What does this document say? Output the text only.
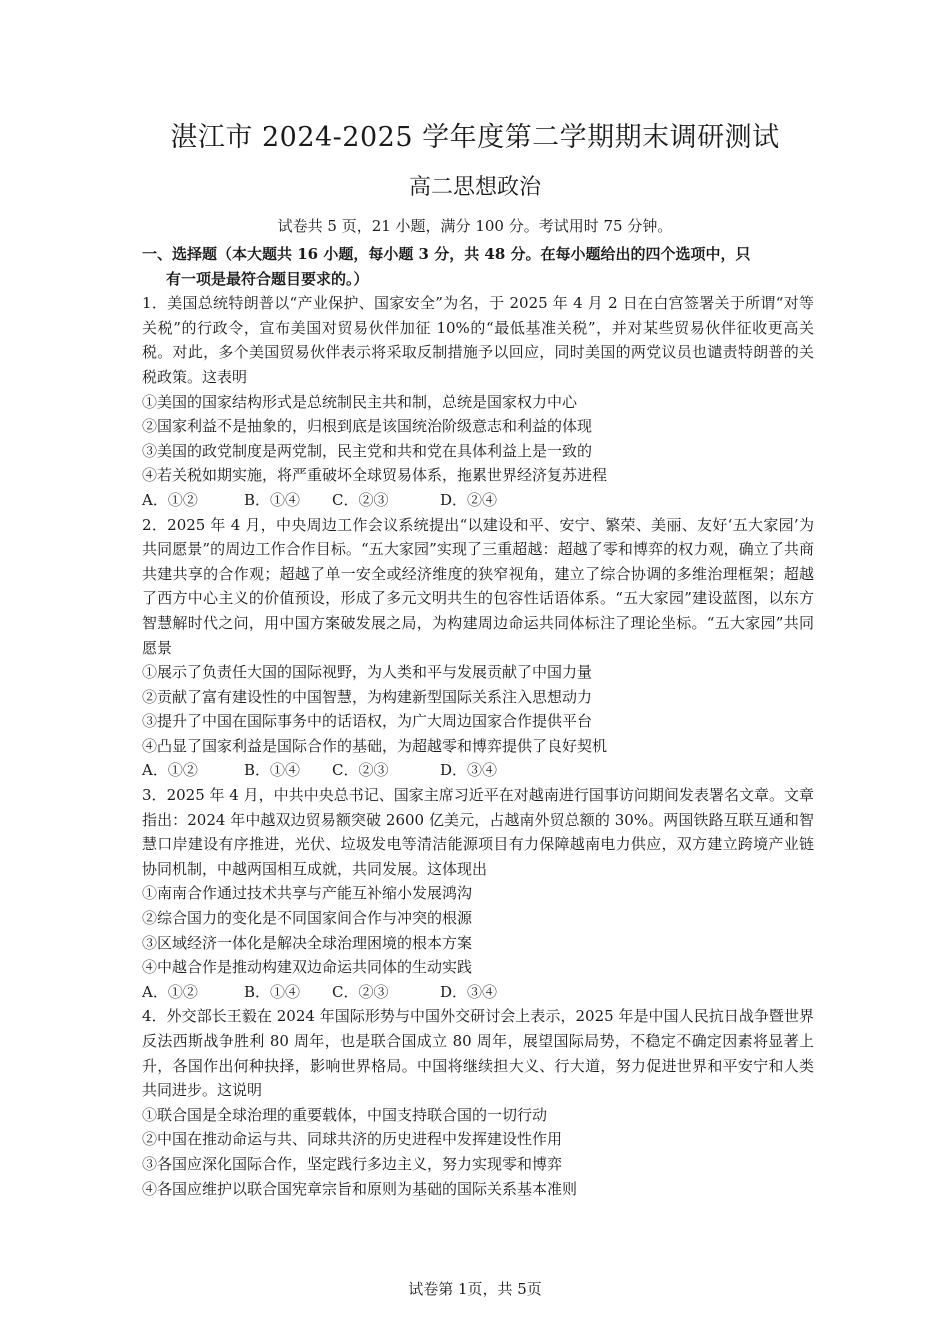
湛江市 2024-2025 学年度第二学期期末调研测试
高二思想政治
试卷共 5 页，21 小题，满分 100 分。考试用时 75 分钟。
一、选择题（本大题共 16 小题，每小题 3 分，共 48 分。在每小题给出的四个选项中，只
有一项是最符合题目要求的。）
1．美国总统特朗普以“产业保护、国家安全”为名，于 2025 年 4 月 2 日在白宫签署关于所谓“对等关税”的行政令，宣布美国对贸易伙伴加征 10%的“最低基准关税”，并对某些贸易伙伴征收更高关税。对此，多个美国贸易伙伴表示将采取反制措施予以回应，同时美国的两党议员也谴责特朗普的关税政策。这表明
①美国的国家结构形式是总统制民主共和制，总统是国家权力中心
②国家利益不是抽象的，归根到底是该国统治阶级意志和利益的体现
③美国的政党制度是两党制，民主党和共和党在具体利益上是一致的
④若关税如期实施，将严重破坏全球贸易体系，拖累世界经济复苏进程
A．①②	B．①④ C．②③	D．②④
2．2025 年 4 月，中央周边工作会议系统提出“以建设和平、安宁、繁荣、美丽、友好‘五大家园’为共同愿景”的周边工作合作目标。“五大家园”实现了三重超越：超越了零和博弈的权力观，确立了共商共建共享的合作观；超越了单一安全或经济维度的狭窄视角，建立了综合协调的多维治理框架；超越了西方中心主义的价值预设，形成了多元文明共生的包容性话语体系。“五大家园”建设蓝图，以东方智慧解时代之问，用中国方案破发展之局，为构建周边命运共同体标注了理论坐标。“五大家园”共同愿景
①展示了负责任大国的国际视野，为人类和平与发展贡献了中国力量
②贡献了富有建设性的中国智慧，为构建新型国际关系注入思想动力
③提升了中国在国际事务中的话语权，为广大周边国家合作提供平台
④凸显了国家利益是国际合作的基础，为超越零和博弈提供了良好契机
A．①②	B．①④ C．②③	D．③④
3．2025 年 4 月，中共中央总书记、国家主席习近平在对越南进行国事访问期间发表署名文章。文章指出：2024 年中越双边贸易额突破 2600 亿美元，占越南外贸总额的 30%。两国铁路互联互通和智慧口岸建设有序推进，光伏、垃圾发电等清洁能源项目有力保障越南电力供应，双方建立跨境产业链协同机制，中越两国相互成就，共同发展。这体现出
①南南合作通过技术共享与产能互补缩小发展鸿沟
②综合国力的变化是不同国家间合作与冲突的根源
③区域经济一体化是解决全球治理困境的根本方案
④中越合作是推动构建双边命运共同体的生动实践
A．①②	B．①④ C．②③	D．③④
4．外交部长王毅在 2024 年国际形势与中国外交研讨会上表示，2025 年是中国人民抗日战争暨世界反法西斯战争胜利 80 周年，也是联合国成立 80 周年，展望国际局势，不稳定不确定因素将显著上升，各国作出何种抉择，影响世界格局。中国将继续担大义、行大道，努力促进世界和平安宁和人类共同进步。这说明
①联合国是全球治理的重要载体，中国支持联合国的一切行动
②中国在推动命运与共、同球共济的历史进程中发挥建设性作用
③各国应深化国际合作，坚定践行多边主义，努力实现零和博弈
④各国应维护以联合国宪章宗旨和原则为基础的国际关系基本准则
试卷第 1页，共 5页
